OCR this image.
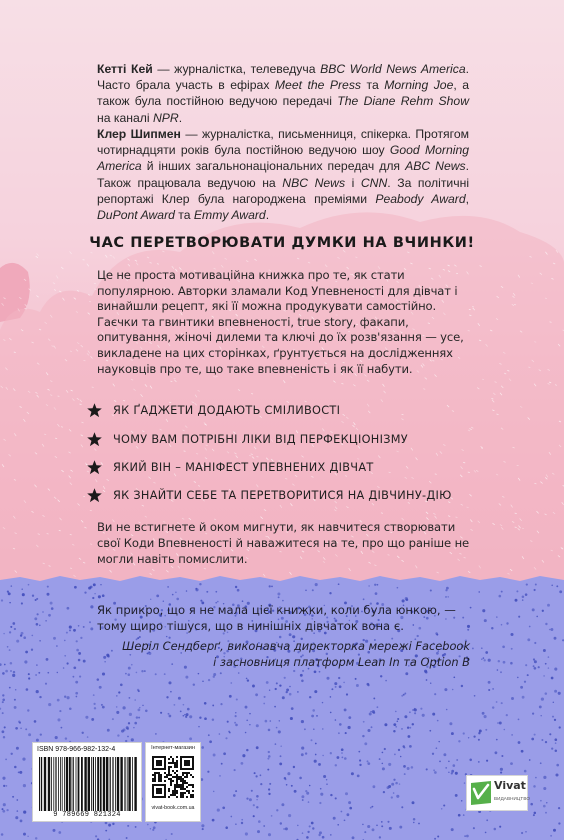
Кетті Кей — журналістка, телеведуча BBC World News America. Часто брала участь в ефірах Meet the Press та Morning Joe, а також була постійною ведучою передачі The Diane Rehm Show на каналі NPR.

Клер Шипмен — журналістка, письменниця, спікерка. Протягом чотирнадцяти років була постійною ведучою шоу Good Morning America й інших загальнонаціональних передач для ABC News. Також працювала ведучою на NBC News і CNN. За політичні репортажі Клер була нагороджена преміями Peabody Award, DuPont Award та Emmy Award.

ЧАС ПЕРЕТВОРЮВАТИ ДУМКИ НА ВЧИНКИ!

Це не проста мотиваційна книжка про те, як стати популярною. Авторки зламали Код Упевненості для дівчат і винайшли рецепт, які її можна продукувати самостійно. Гаєчки та гвинтики впевненості, true story, факапи, опитування, жіночі дилеми та ключі до їх розв'язання — усе, викладене на цих сторінках, ґрунтується на дослідженнях науковців про те, що таке впевненість і як її набути.

ЯК ҐАДЖЕТИ ДОДАЮТЬ СМІЛИВОСТІ
ЧОМУ ВАМ ПОТРІБНІ ЛІКИ ВІД ПЕРФЕКЦІОНІЗМУ
ЯКИЙ ВІН – МАНІФЕСТ УПЕВНЕНИХ ДІВЧАТ
ЯК ЗНАЙТИ СЕБЕ ТА ПЕРЕТВОРИТИСЯ НА ДІВЧИНУ-ДІЮ

Ви не встигнете й оком мигнути, як навчитеся створювати свої Коди Впевненості й наважитеся на те, про що раніше не могли навіть помислити.

Як прикро, що я не мала цієї книжки, коли була юнкою, — тому щиро тішуся, що в нинішніх дівчаток вона є.

Шеріл Сендберґ, виконавча директорка мережі Facebook
і засновниця платформ Lean In та Option B
ISBN 978-966-982-132-4
9 789669 821324
Інтернет-магазин
vivat-book.com.ua
Vivat
ВИДАВНИЦТВО
